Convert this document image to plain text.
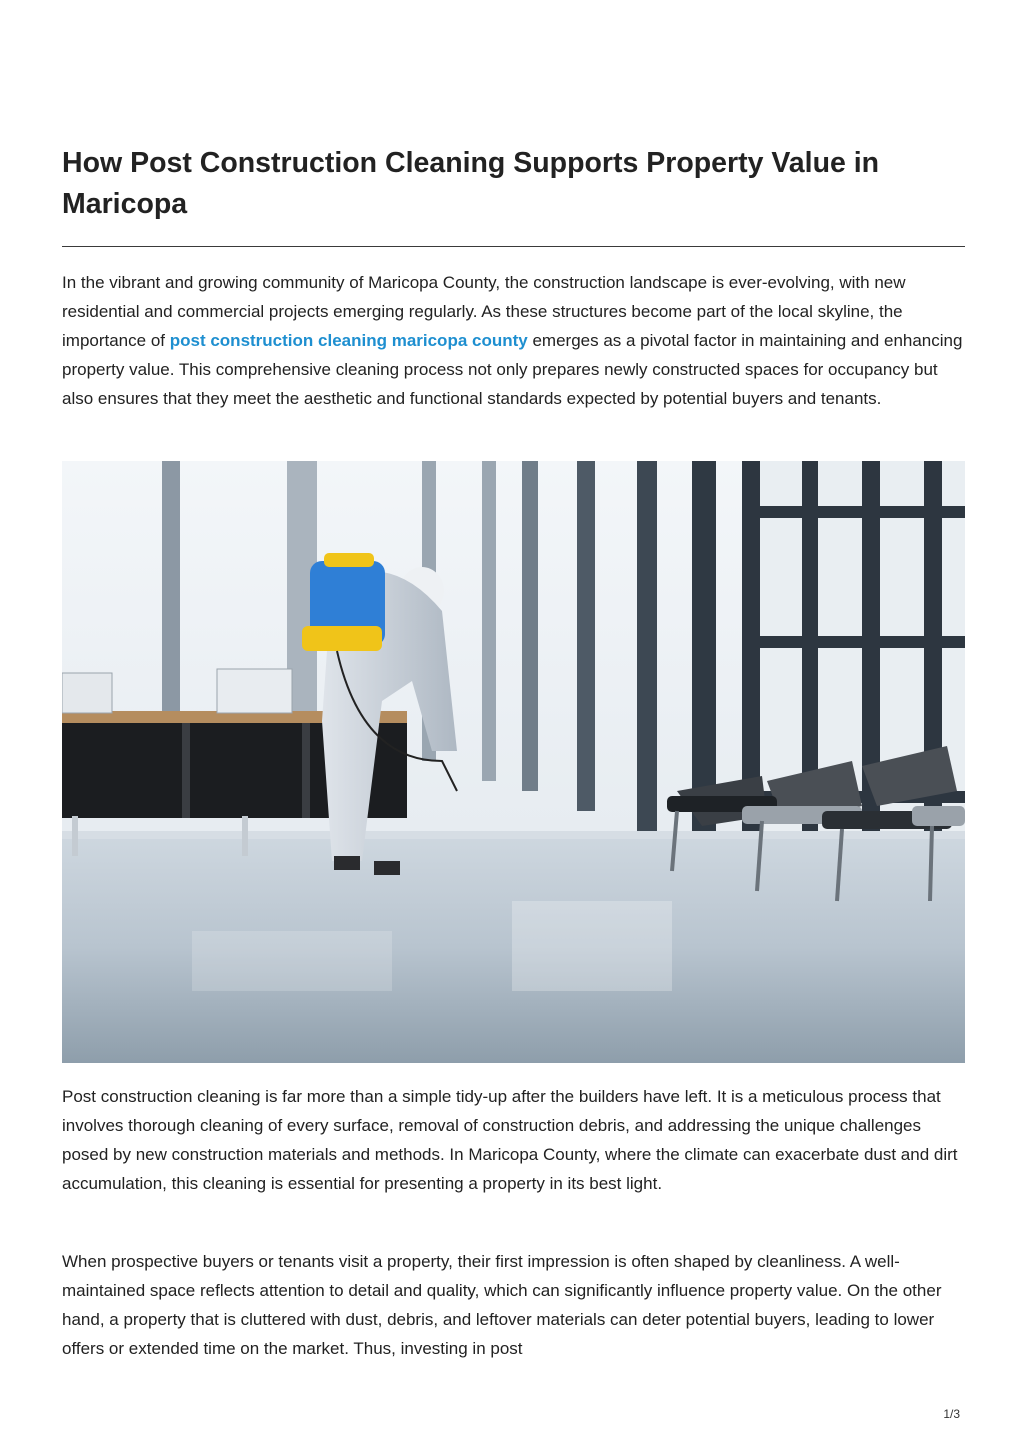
How Post Construction Cleaning Supports Property Value in Maricopa

In the vibrant and growing community of Maricopa County, the construction landscape is ever-evolving, with new residential and commercial projects emerging regularly. As these structures become part of the local skyline, the importance of post construction cleaning maricopa county emerges as a pivotal factor in maintaining and enhancing property value. This comprehensive cleaning process not only prepares newly constructed spaces for occupancy but also ensures that they meet the aesthetic and functional standards expected by potential buyers and tenants.

Post construction cleaning is far more than a simple tidy-up after the builders have left. It is a meticulous process that involves thorough cleaning of every surface, removal of construction debris, and addressing the unique challenges posed by new construction materials and methods. In Maricopa County, where the climate can exacerbate dust and dirt accumulation, this cleaning is essential for presenting a property in its best light.

When prospective buyers or tenants visit a property, their first impression is often shaped by cleanliness. A well-maintained space reflects attention to detail and quality, which can significantly influence property value. On the other hand, a property that is cluttered with dust, debris, and leftover materials can deter potential buyers, leading to lower offers or extended time on the market. Thus, investing in post

1/3
